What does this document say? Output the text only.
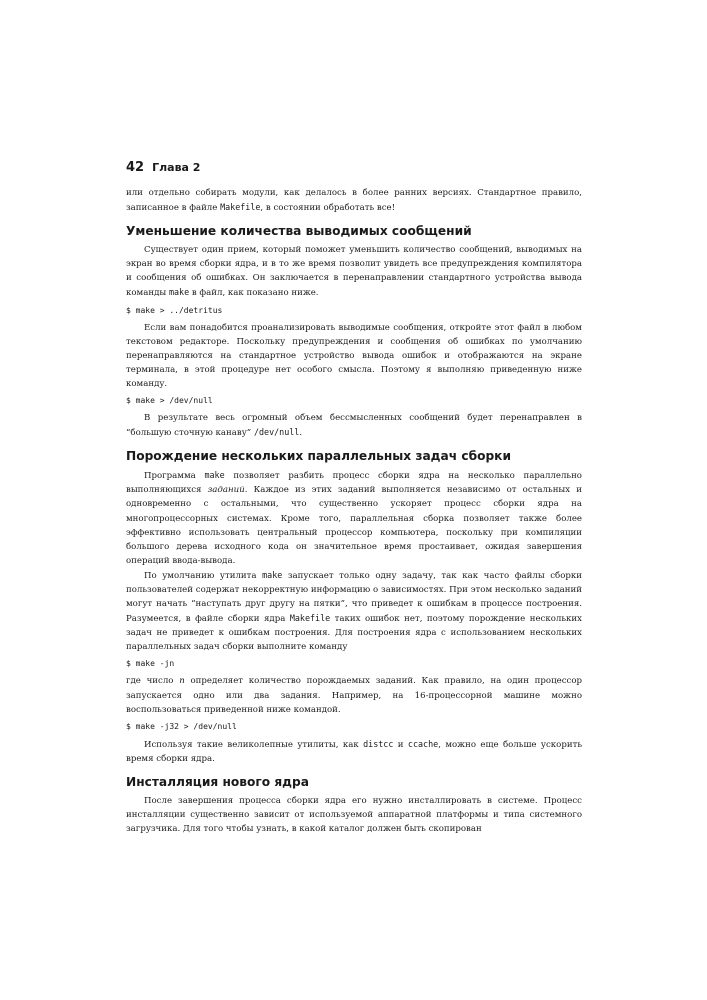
42 Глава 2

или отдельно собирать модули, как делалось в более ранних версиях. Стандартное правило, записанное в файле Makefile, в состоянии обработать все!

Уменьшение количества выводимых сообщений

Существует один прием, который поможет уменьшить количество сообщений, выводимых на экран во время сборки ядра, и в то же время позволит увидеть все предупреждения компилятора и сообщения об ошибках. Он заключается в перенаправлении стандартного устройства вывода команды make в файл, как показано ниже.

$ make > ../detritus

Если вам понадобится проанализировать выводимые сообщения, откройте этот файл в любом текстовом редакторе. Поскольку предупреждения и сообщения об ошибках по умолчанию перенаправляются на стандартное устройство вывода ошибок и отображаются на экране терминала, в этой процедуре нет особого смысла. Поэтому я выполняю приведенную ниже команду.

$ make > /dev/null

В результате весь огромный объем бессмысленных сообщений будет перенаправлен в “большую сточную канаву” /dev/null.

Порождение нескольких параллельных задач сборки

Программа make позволяет разбить процесс сборки ядра на несколько параллельно выполняющихся заданий. Каждое из этих заданий выполняется независимо от остальных и одновременно с остальными, что существенно ускоряет процесс сборки ядра на многопроцессорных системах. Кроме того, параллельная сборка позволяет также более эффективно использовать центральный процессор компьютера, поскольку при компиляции большого дерева исходного кода он значительное время простаивает, ожидая завершения операций ввода-вывода.

По умолчанию утилита make запускает только одну задачу, так как часто файлы сборки пользователей содержат некорректную информацию о зависимостях. При этом несколько заданий могут начать “наступать друг другу на пятки”, что приведет к ошибкам в процессе построения. Разумеется, в файле сборки ядра Makefile таких ошибок нет, поэтому порождение нескольких задач не приведет к ошибкам построения. Для построения ядра с использованием нескольких параллельных задач сборки выполните команду

$ make -jn

где число n определяет количество порождаемых заданий. Как правило, на один процессор запускается одно или два задания. Например, на 16-процессорной машине можно воспользоваться приведенной ниже командой.

$ make -j32 > /dev/null

Используя такие великолепные утилиты, как distcc и ccache, можно еще больше ускорить время сборки ядра.

Инсталляция нового ядра

После завершения процесса сборки ядра его нужно инсталлировать в системе. Процесс инсталляции существенно зависит от используемой аппаратной платформы и типа системного загрузчика. Для того чтобы узнать, в какой каталог должен быть скопирован
